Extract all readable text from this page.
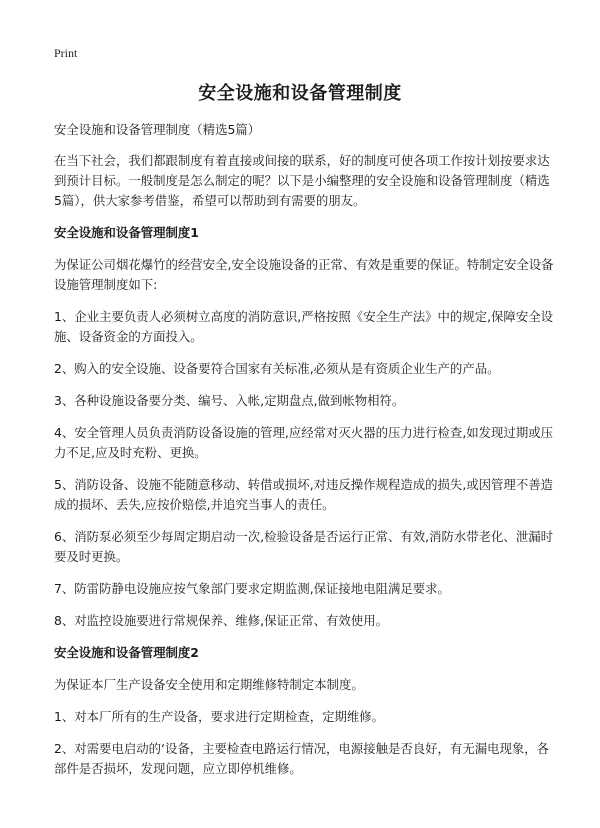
Print
安全设施和设备管理制度

安全设施和设备管理制度（精选5篇）

在当下社会，我们都跟制度有着直接或间接的联系，好的制度可使各项工作按计划按要求达到预计目标。一般制度是怎么制定的呢？以下是小编整理的安全设施和设备管理制度（精选5篇），供大家参考借鉴，希望可以帮助到有需要的朋友。

安全设施和设备管理制度1

为保证公司烟花爆竹的经营安全,安全设施设备的正常、有效是重要的保证。特制定安全设备设施管理制度如下:

1、企业主要负责人必须树立高度的消防意识,严格按照《安全生产法》中的规定,保障安全设施、设备资金的方面投入。

2、购入的安全设施、设备要符合国家有关标准,必须从是有资质企业生产的产品。

3、各种设施设备要分类、编号、入帐,定期盘点,做到帐物相符。

4、安全管理人员负责消防设备设施的管理,应经常对灭火器的压力进行检查,如发现过期或压力不足,应及时充粉、更换。

5、消防设备、设施不能随意移动、转借或损坏,对违反操作规程造成的损失,或因管理不善造成的损坏、丢失,应按价赔偿,并追究当事人的责任。

6、消防泵必须至少每周定期启动一次,检验设备是否运行正常、有效,消防水带老化、泄漏时要及时更换。

7、防雷防静电设施应按气象部门要求定期监测,保证接地电阻满足要求。

8、对监控设施要进行常规保养、维修,保证正常、有效使用。

安全设施和设备管理制度2

为保证本厂生产设备安全使用和定期维修特制定本制度。

1、对本厂所有的生产设备，要求进行定期检查，定期维修。

2、对需要电启动的‘设备，主要检查电路运行情况，电源接触是否良好，有无漏电现象，各部件是否损坏，发现问题，应立即停机维修。
